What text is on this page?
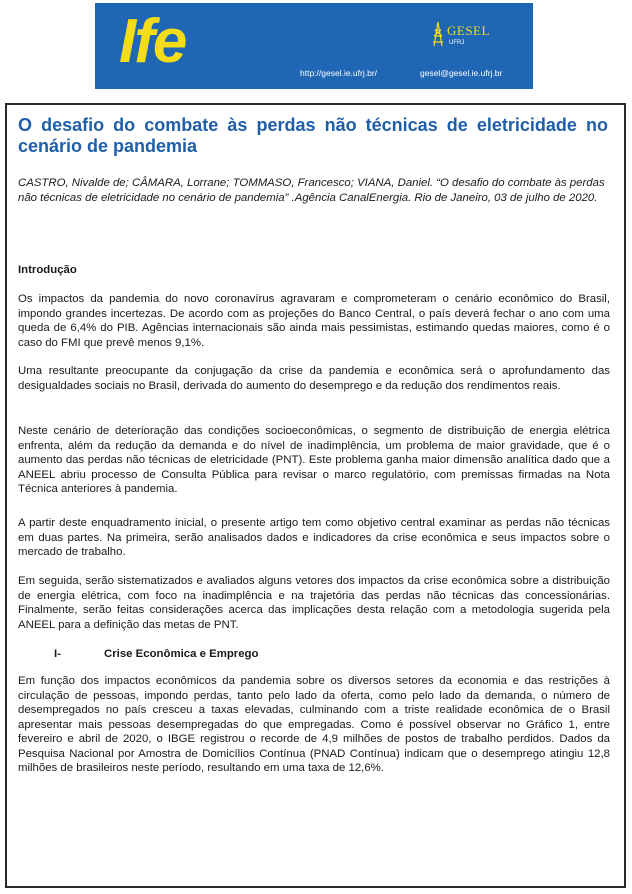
Ife	GESEL
UFRJ
http://gesel.ie.ufrj.br/	gesel@gesel.ie.ufrj.br
O desafio do combate às perdas não técnicas de eletricidade no cenário de pandemia
CASTRO, Nivalde de; CÂMARA, Lorrane; TOMMASO, Francesco; VIANA, Daniel. “O desafio do combate às perdas não técnicas de eletricidade no cenário de pandemia” .Agência CanalEnergia. Rio de Janeiro, 03 de julho de 2020.
Introdução

Os impactos da pandemia do novo coronavírus agravaram e comprometeram o cenário econômico do Brasil, impondo grandes incertezas. De acordo com as projeções do Banco Central, o país deverá fechar o ano com uma queda de 6,4% do PIB. Agências internacionais são ainda mais pessimistas, estimando quedas maiores, como é o caso do FMI que prevê menos 9,1%.

Uma resultante preocupante da conjugação da crise da pandemia e econômica será o aprofundamento das desigualdades sociais no Brasil, derivada do aumento do desemprego e da redução dos rendimentos reais.

Neste cenário de deterioração das condições socioeconômicas, o segmento de distribuição de energia elétrica enfrenta, além da redução da demanda e do nível de inadimplência, um problema de maior gravidade, que é o aumento das perdas não técnicas de eletricidade (PNT). Este problema ganha maior dimensão analítica dado que a ANEEL abriu processo de Consulta Pública para revisar o marco regulatório, com premissas firmadas na Nota Técnica anteriores à pandemia.

A partir deste enquadramento inicial, o presente artigo tem como objetivo central examinar as perdas não técnicas em duas partes. Na primeira, serão analisados dados e indicadores da crise econômica e seus impactos sobre o mercado de trabalho.

Em seguida, serão sistematizados e avaliados alguns vetores dos impactos da crise econômica sobre a distribuição de energia elétrica, com foco na inadimplência e na trajetória das perdas não técnicas das concessionárias. Finalmente, serão feitas considerações acerca das implicações desta relação com a metodologia sugerida pela ANEEL para a definição das metas de PNT.

I-	Crise Econômica e Emprego

Em função dos impactos econômicos da pandemia sobre os diversos setores da economia e das restrições à circulação de pessoas, impondo perdas, tanto pelo lado da oferta, como pelo lado da demanda, o número de desempregados no país cresceu a taxas elevadas, culminando com a triste realidade econômica de o Brasil apresentar mais pessoas desempregadas do que empregadas. Como é possível observar no Gráfico 1, entre fevereiro e abril de 2020, o IBGE registrou o recorde de 4,9 milhões de postos de trabalho perdidos. Dados da Pesquisa Nacional por Amostra de Domicílios Contínua (PNAD Contínua) indicam que o desemprego atingiu 12,8 milhões de brasileiros neste período, resultando em uma taxa de 12,6%.
